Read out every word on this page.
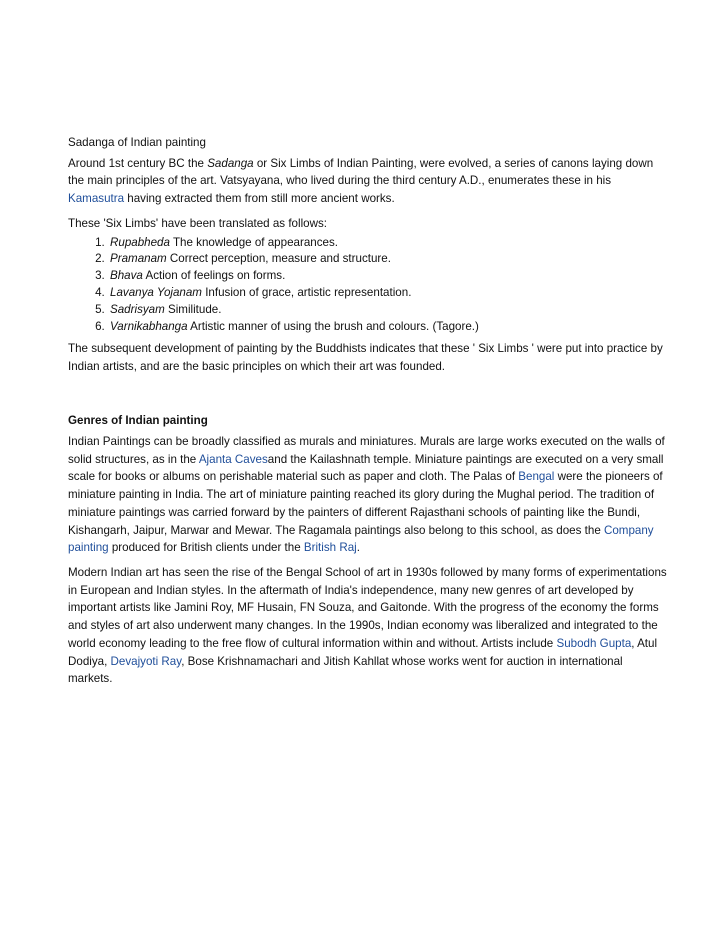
Sadanga of Indian painting

Around 1st century BC the Sadanga or Six Limbs of Indian Painting, were evolved, a series of canons laying down the main principles of the art. Vatsyayana, who lived during the third century A.D., enumerates these in his Kamasutra having extracted them from still more ancient works.

These 'Six Limbs' have been translated as follows:

1. Rupabheda The knowledge of appearances.
2. Pramanam Correct perception, measure and structure.
3. Bhava Action of feelings on forms.
4. Lavanya Yojanam Infusion of grace, artistic representation.
5. Sadrisyam Similitude.
6. Varnikabhanga Artistic manner of using the brush and colours. (Tagore.)

The subsequent development of painting by the Buddhists indicates that these ' Six Limbs ' were put into practice by Indian artists, and are the basic principles on which their art was founded.

Genres of Indian painting

Indian Paintings can be broadly classified as murals and miniatures. Murals are large works executed on the walls of solid structures, as in the Ajanta Cavesand the Kailashnath temple. Miniature paintings are executed on a very small scale for books or albums on perishable material such as paper and cloth. The Palas of Bengal were the pioneers of miniature painting in India. The art of miniature painting reached its glory during the Mughal period. The tradition of miniature paintings was carried forward by the painters of different Rajasthani schools of painting like the Bundi, Kishangarh, Jaipur, Marwar and Mewar. The Ragamala paintings also belong to this school, as does the Company painting produced for British clients under the British Raj.

Modern Indian art has seen the rise of the Bengal School of art in 1930s followed by many forms of experimentations in European and Indian styles. In the aftermath of India's independence, many new genres of art developed by important artists like Jamini Roy, MF Husain, FN Souza, and Gaitonde. With the progress of the economy the forms and styles of art also underwent many changes. In the 1990s, Indian economy was liberalized and integrated to the world economy leading to the free flow of cultural information within and without. Artists include Subodh Gupta, Atul Dodiya, Devajyoti Ray, Bose Krishnamachari and Jitish Kahllat whose works went for auction in international markets.
